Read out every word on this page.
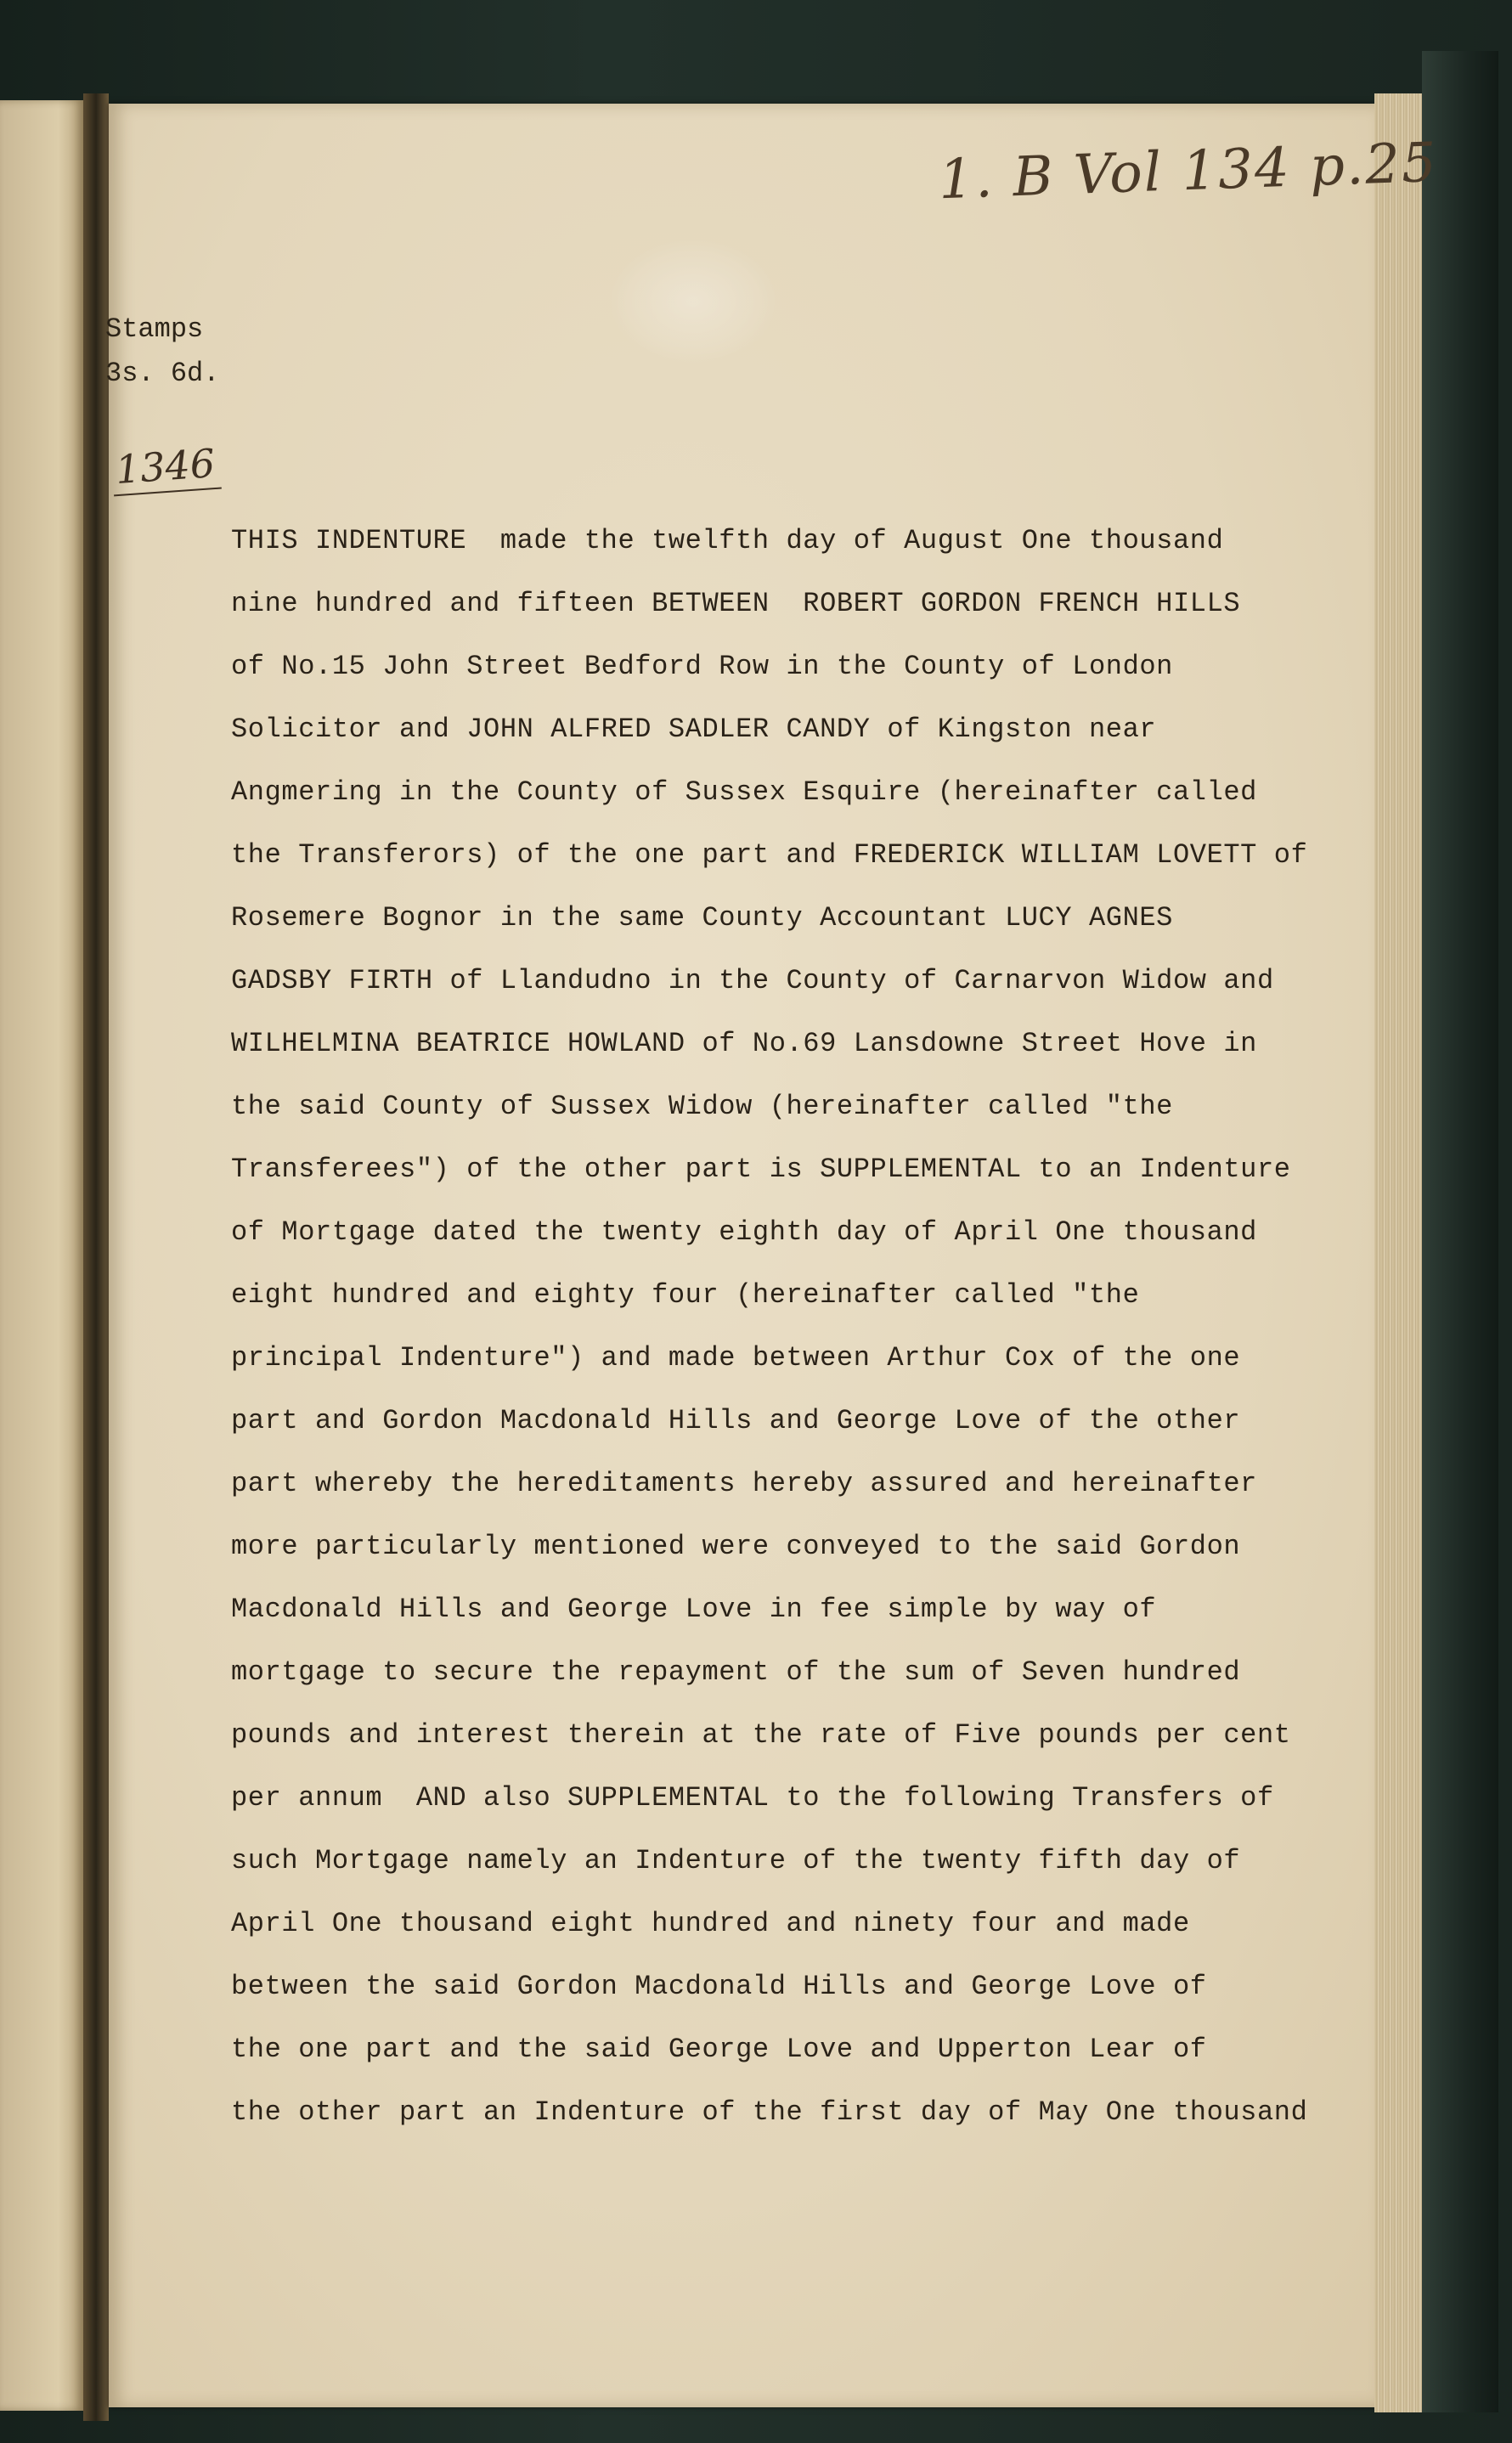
1. B Vol 134 p.25
Stamps
3s. 6d.
1346
THIS INDENTURE  made the twelfth day of August One thousand
nine hundred and fifteen BETWEEN  ROBERT GORDON FRENCH HILLS
of No.15 John Street Bedford Row in the County of London
Solicitor and JOHN ALFRED SADLER CANDY of Kingston near
Angmering in the County of Sussex Esquire (hereinafter called
the Transferors) of the one part and FREDERICK WILLIAM LOVETT of
Rosemere Bognor in the same County Accountant LUCY AGNES
GADSBY FIRTH of Llandudno in the County of Carnarvon Widow and
WILHELMINA BEATRICE HOWLAND of No.69 Lansdowne Street Hove in
the said County of Sussex Widow (hereinafter called "the
Transferees") of the other part is SUPPLEMENTAL to an Indenture
of Mortgage dated the twenty eighth day of April One thousand
eight hundred and eighty four (hereinafter called "the
principal Indenture") and made between Arthur Cox of the one
part and Gordon Macdonald Hills and George Love of the other
part whereby the hereditaments hereby assured and hereinafter
more particularly mentioned were conveyed to the said Gordon
Macdonald Hills and George Love in fee simple by way of
mortgage to secure the repayment of the sum of Seven hundred
pounds and interest therein at the rate of Five pounds per cent
per annum  AND also SUPPLEMENTAL to the following Transfers of
such Mortgage namely an Indenture of the twenty fifth day of
April One thousand eight hundred and ninety four and made
between the said Gordon Macdonald Hills and George Love of
the one part and the said George Love and Upperton Lear of
the other part an Indenture of the first day of May One thousand
